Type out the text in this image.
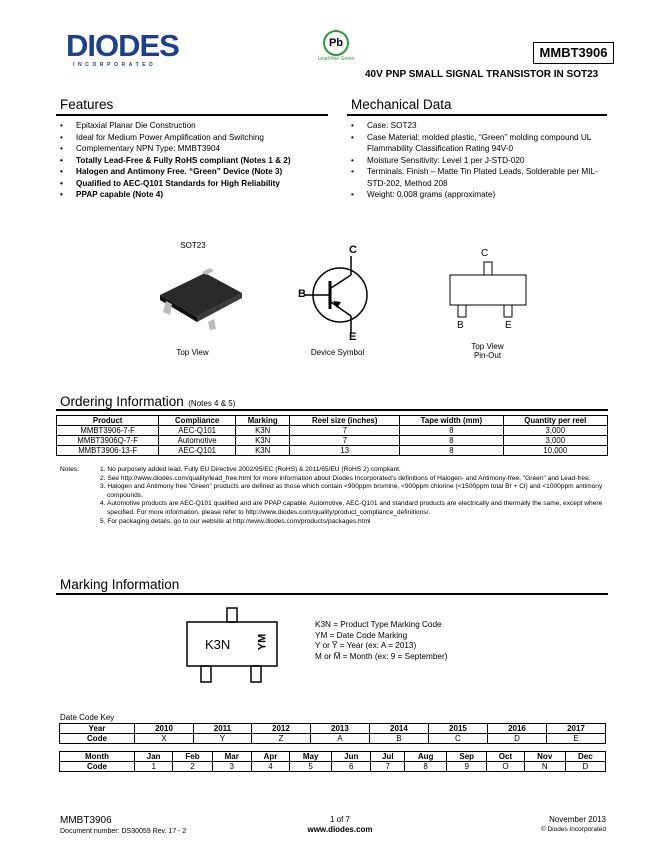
DIODES
INCORPORATED
Pb
Lead-free Green	MMBT3906
40V PNP SMALL SIGNAL TRANSISTOR IN SOT23
Features
• Epitaxial Planar Die Construction
• Ideal for Medium Power Amplification and Switching
• Complementary NPN Type: MMBT3904
• Totally Lead-Free & Fully RoHS compliant (Notes 1 & 2)
• Halogen and Antimony Free. “Green” Device (Note 3)
• Qualified to AEC-Q101 Standards for High Reliability
• PPAP capable (Note 4)
Mechanical Data
• Case: SOT23
• Case Material: molded plastic, “Green” molding compound UL Flammability Classification Rating 94V-0
• Moisture Sensitivity: Level 1 per J-STD-020
• Terminals: Finish – Matte Tin Plated Leads, Solderable per MIL-STD-202, Method 208
• Weight: 0.008 grams (approximate)
SOT23
Top View
C
B
E
Device Symbol
C
B	E
Top View
Pin-Out
Ordering Information (Notes 4 & 5)
Product	Compliance	Marking	Reel size (inches)	Tape width (mm)	Quantity per reel
MMBT3906-7-F	AEC-Q101	K3N	7	8	3,000
MMBT3906Q-7-F	Automotive	K3N	7	8	3,000
MMBT3906-13-F	AEC-Q101	K3N	13	8	10,000
Notes:	1. No purposely added lead. Fully EU Directive 2002/95/EC (RoHS) & 2011/65/EU (RoHS 2) compliant.
2. See http://www.diodes.com/quality/lead_free.html for more information about Diodes Incorporated’s definitions of Halogen- and Antimony-free, "Green" and Lead-free.
3. Halogen and Antimony free "Green" products are defined as those which contain <900ppm bromine, <900ppm chlorine (<1500ppm total Br + Cl) and <1000ppm antimony compounds.
4. Automotive products are AEC-Q101 qualified and are PPAP capable. Automotive, AEC-Q101 and standard products are electrically and thermally the same, except where specified. For more information, please refer to http://www.diodes.com/quality/product_compliance_definitions/.
5. For packaging details, go to our website at http://www.diodes.com/products/packages.html
Marking Information
K3N YM
K3N = Product Type Marking Code
YM = Date Code Marking
Y or Y̅ = Year (ex: A = 2013)
M or M̅ = Month (ex: 9 = September)
Date Code Key
Year	2010	2011	2012	2013	2014	2015	2016	2017
Code	X	Y	Z	A	B	C	D	E
Month	Jan	Feb	Mar	Apr	May	Jun	Jul	Aug	Sep	Oct	Nov	Dec
Code	1	2	3	4	5	6	7	8	9	O	N	D
MMBT3906
Document number: DS30059 Rev. 17 - 2
1 of 7
www.diodes.com
November 2013
© Diodes Incorporated
